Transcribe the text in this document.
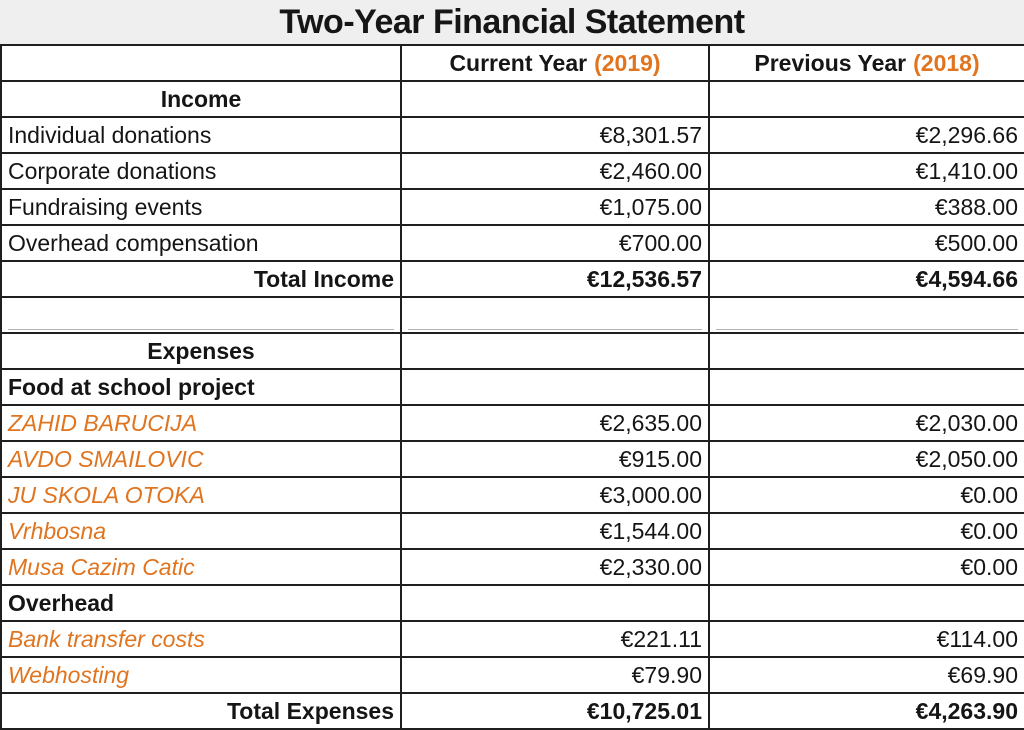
Two-Year Financial Statement
	Current Year (2019)	Previous Year (2018)
Income		
Individual donations	€8,301.57	€2,296.66
Corporate donations	€2,460.00	€1,410.00
Fundraising events	€1,075.00	€388.00
Overhead compensation	€700.00	€500.00
Total Income	€12,536.57	€4,594.66

Expenses		
Food at school project		
ZAHID BARUCIJA	€2,635.00	€2,030.00
AVDO SMAILOVIC	€915.00	€2,050.00
JU SKOLA OTOKA	€3,000.00	€0.00
Vrhbosna	€1,544.00	€0.00
Musa Cazim Catic	€2,330.00	€0.00
Overhead		
Bank transfer costs	€221.11	€114.00
Webhosting	€79.90	€69.90
Total Expenses	€10,725.01	€4,263.90
